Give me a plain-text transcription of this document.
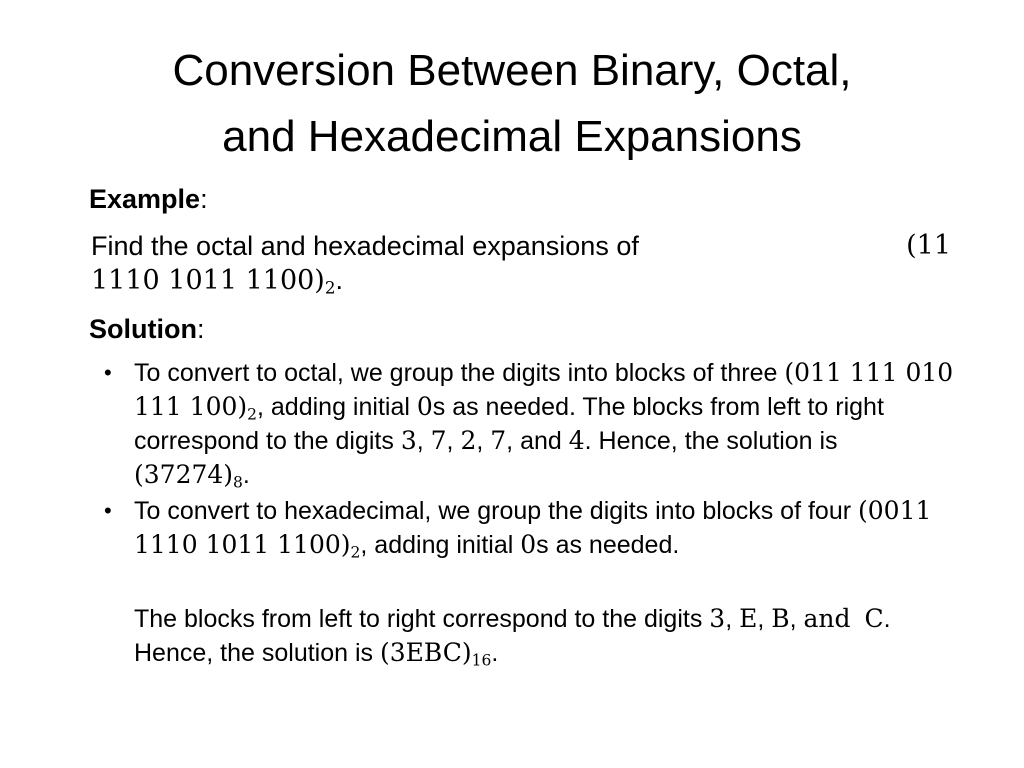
Conversion Between Binary, Octal,
and Hexadecimal Expansions
Example:
Find the octal and hexadecimal expansions of	(11
1110 1011 $1100)_2$.
Solution:
• To convert to octal, we group the digits into blocks of three (011 111 010 111 $100)_2$, adding initial 0s as needed. The blocks from left to right correspond to the digits 3, 7, 2, 7, and 4. Hence, the solution is $(37274)_8$.
• To convert to hexadecimal, we group the digits into blocks of four (0011 1110 1011 $1100)_2$, adding initial 0s as needed.
The blocks from left to right correspond to the digits 3, E, B, and C. Hence, the solution is $(3EBC)_{16}$.
